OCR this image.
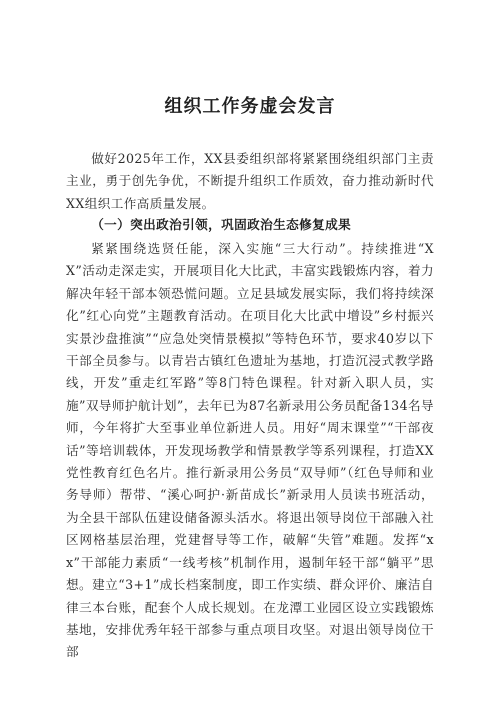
组织工作务虚会发言

做好2025年工作，XX县委组织部将紧紧围绕组织部门主责主业，勇于创先争优，不断提升组织工作质效，奋力推动新时代XX组织工作高质量发展。

（一）突出政治引领，巩固政治生态修复成果

紧紧围绕选贤任能，深入实施“三大行动”。持续推进“XX”活动走深走实，开展项目化大比武，丰富实践锻炼内容，着力解决年轻干部本领恐慌问题。立足县域发展实际，我们将持续深化”红心向党”主题教育活动。在项目化大比武中增设”乡村振兴实景沙盘推演”“应急处突情景模拟”等特色环节，要求40岁以下干部全员参与。以青岩古镇红色遗址为基地，打造沉浸式教学路线，开发”重走红军路”等8门特色课程。针对新入职人员，实施”双导师护航计划”，去年已为87名新录用公务员配备134名导师，今年将扩大至事业单位新进人员。用好“周末课堂”“干部夜话”等培训载体，开发现场教学和情景教学等系列课程，打造XX党性教育红色名片。推行新录用公务员“双导师”（红色导师和业务导师）帮带、“溪心呵护·新苗成长”新录用人员读书班活动，为全县干部队伍建设储备源头活水。将退出领导岗位干部融入社区网格基层治理，党建督导等工作，破解“失管”难题。发挥“xx”干部能力素质“一线考核”机制作用，遏制年轻干部“躺平”思想。建立“3+1”成长档案制度，即工作实绩、群众评价、廉洁自律三本台账，配套个人成长规划。在龙潭工业园区设立实践锻炼基地，安排优秀年轻干部参与重点项目攻坚。对退出领导岗位干部
